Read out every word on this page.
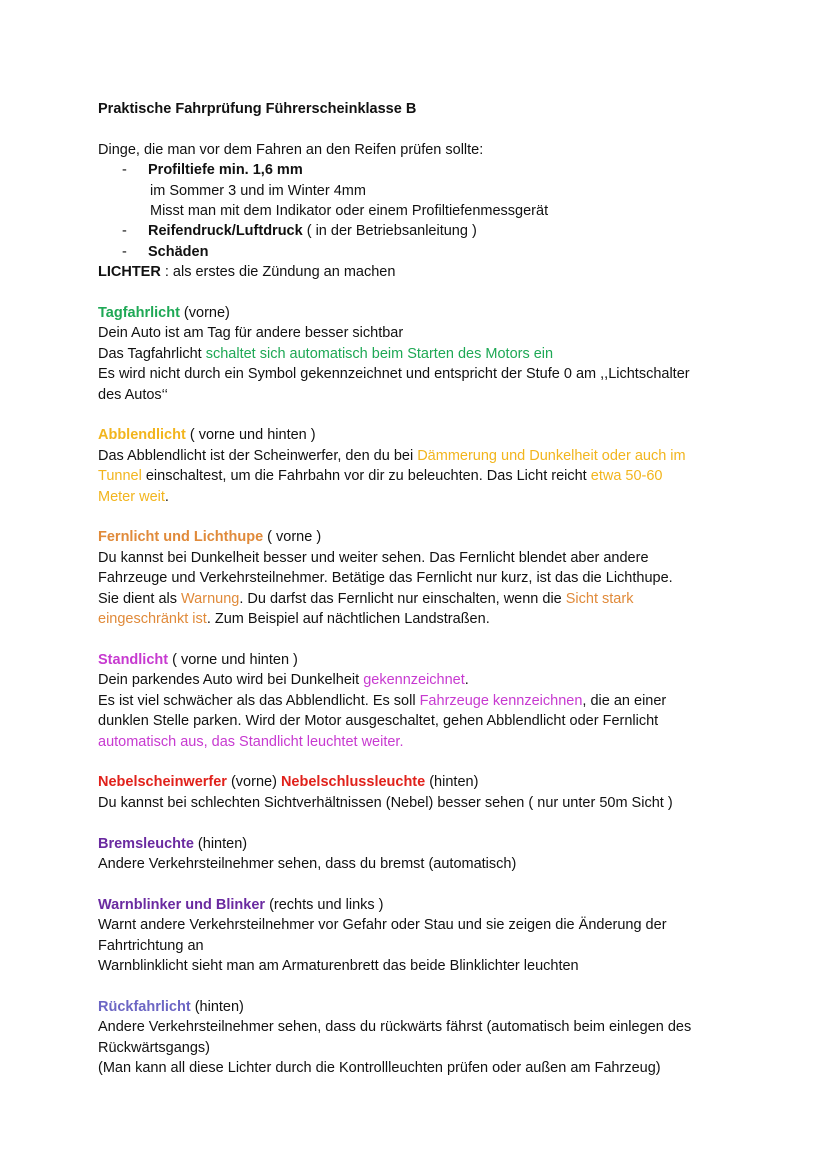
Praktische Fahrprüfung Führerscheinklasse B

Dinge, die man vor dem Fahren an den Reifen prüfen sollte:

- Profiltiefe min. 1,6 mm

im Sommer 3 und im Winter 4mm

Misst man mit dem Indikator oder einem Profiltiefenmessgerät

- Reifendruck/Luftdruck ( in der Betriebsanleitung )

- Schäden

LICHTER : als erstes die Zündung an machen

Tagfahrlicht (vorne)

Dein Auto ist am Tag für andere besser sichtbar

Das Tagfahrlicht schaltet sich automatisch beim Starten des Motors ein

Es wird nicht durch ein Symbol gekennzeichnet und entspricht der Stufe 0 am ,,Lichtschalter

des Autos‘‘

Abblendlicht ( vorne und hinten )

Das Abblendlicht ist der Scheinwerfer, den du bei Dämmerung und Dunkelheit oder auch im

Tunnel einschaltest, um die Fahrbahn vor dir zu beleuchten. Das Licht reicht etwa 50-60

Meter weit.

Fernlicht und Lichthupe ( vorne )

Du kannst bei Dunkelheit besser und weiter sehen. Das Fernlicht blendet aber andere

Fahrzeuge und Verkehrsteilnehmer. Betätige das Fernlicht nur kurz, ist das die Lichthupe.

Sie dient als Warnung. Du darfst das Fernlicht nur einschalten, wenn die Sicht stark

eingeschränkt ist. Zum Beispiel auf nächtlichen Landstraßen.

Standlicht ( vorne und hinten )

Dein parkendes Auto wird bei Dunkelheit gekennzeichnet.

Es ist viel schwächer als das Abblendlicht. Es soll Fahrzeuge kennzeichnen, die an einer

dunklen Stelle parken. Wird der Motor ausgeschaltet, gehen Abblendlicht oder Fernlicht

automatisch aus, das Standlicht leuchtet weiter.

Nebelscheinwerfer (vorne) Nebelschlussleuchte (hinten)

Du kannst bei schlechten Sichtverhältnissen (Nebel) besser sehen ( nur unter 50m Sicht )

Bremsleuchte (hinten)

Andere Verkehrsteilnehmer sehen, dass du bremst (automatisch)

Warnblinker und Blinker (rechts und links )

Warnt andere Verkehrsteilnehmer vor Gefahr oder Stau und sie zeigen die Änderung der

Fahrtrichtung an

Warnblinklicht sieht man am Armaturenbrett das beide Blinklichter leuchten

Rückfahrlicht (hinten)

Andere Verkehrsteilnehmer sehen, dass du rückwärts fährst (automatisch beim einlegen des

Rückwärtsgangs)

(Man kann all diese Lichter durch die Kontrollleuchten prüfen oder außen am Fahrzeug)
